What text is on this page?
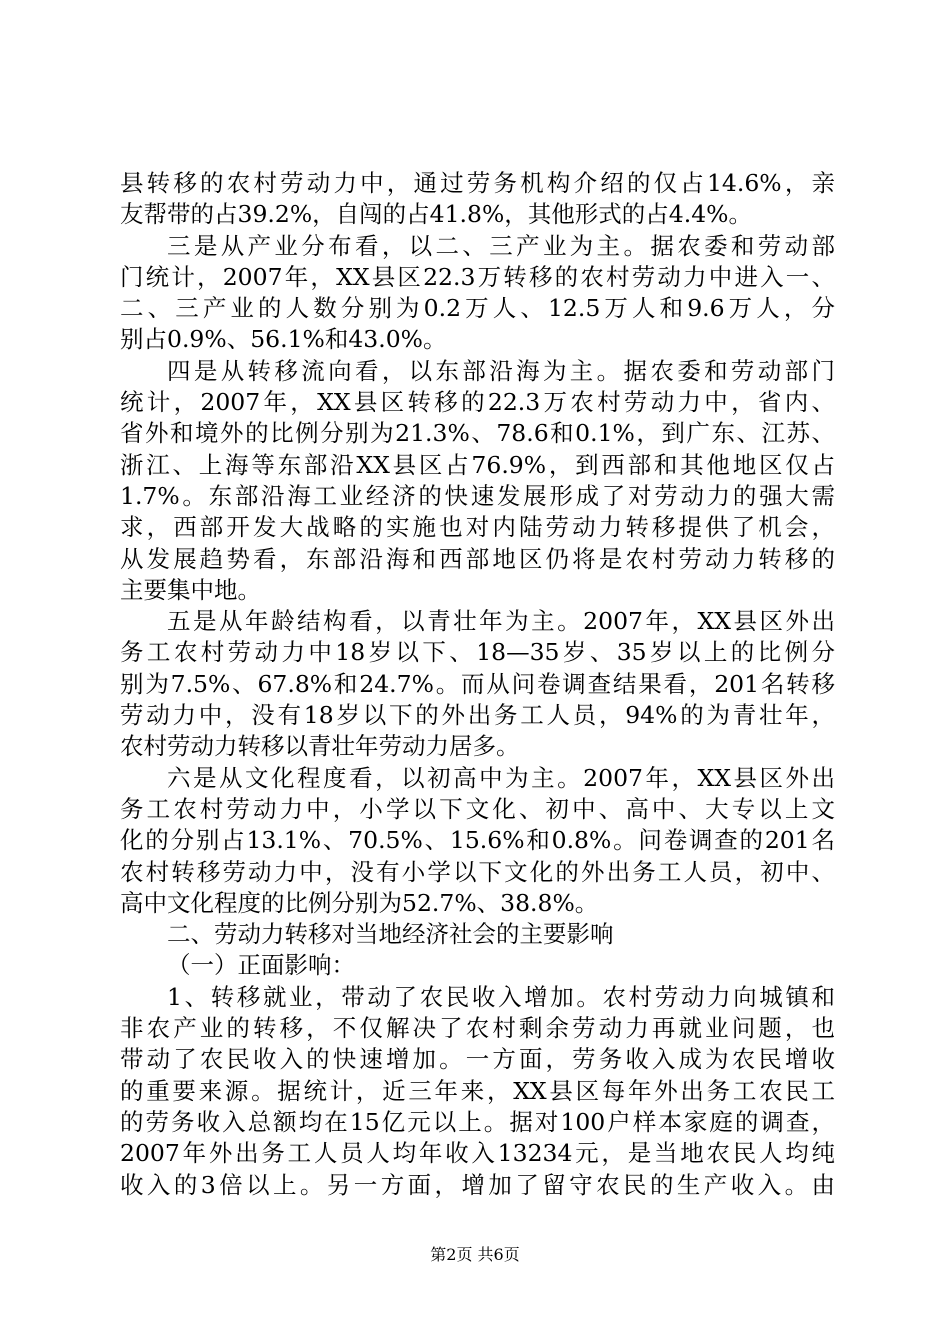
县转移的农村劳动力中，通过劳务机构介绍的仅占14.6%，亲
友帮带的占39.2%，自闯的占41.8%，其他形式的占4.4%。
三是从产业分布看，以二、三产业为主。据农委和劳动部
门统计，2007年，XX县区22.3万转移的农村劳动力中进入一、
二、三产业的人数分别为0.2万人、12.5万人和9.6万人，分
别占0.9%、56.1%和43.0%。
四是从转移流向看，以东部沿海为主。据农委和劳动部门
统计，2007年，XX县区转移的22.3万农村劳动力中，省内、
省外和境外的比例分别为21.3%、78.6和0.1%，到广东、江苏、
浙江、上海等东部沿XX县区占76.9%，到西部和其他地区仅占
1.7%。东部沿海工业经济的快速发展形成了对劳动力的强大需
求，西部开发大战略的实施也对内陆劳动力转移提供了机会，
从发展趋势看，东部沿海和西部地区仍将是农村劳动力转移的
主要集中地。
五是从年龄结构看，以青壮年为主。2007年，XX县区外出
务工农村劳动力中18岁以下、18—35岁、35岁以上的比例分
别为7.5%、67.8%和24.7%。而从问卷调查结果看，201名转移
劳动力中，没有18岁以下的外出务工人员，94%的为青壮年，
农村劳动力转移以青壮年劳动力居多。
六是从文化程度看，以初高中为主。2007年，XX县区外出
务工农村劳动力中，小学以下文化、初中、高中、大专以上文
化的分别占13.1%、70.5%、15.6%和0.8%。问卷调查的201名
农村转移劳动力中，没有小学以下文化的外出务工人员，初中、
高中文化程度的比例分别为52.7%、38.8%。
二、劳动力转移对当地经济社会的主要影响
（一）正面影响：
1、转移就业，带动了农民收入增加。农村劳动力向城镇和
非农产业的转移，不仅解决了农村剩余劳动力再就业问题，也
带动了农民收入的快速增加。一方面，劳务收入成为农民增收
的重要来源。据统计，近三年来，XX县区每年外出务工农民工
的劳务收入总额均在15亿元以上。据对100户样本家庭的调查，
2007年外出务工人员人均年收入13234元，是当地农民人均纯
收入的3倍以上。另一方面，增加了留守农民的生产收入。由
第2页 共6页
